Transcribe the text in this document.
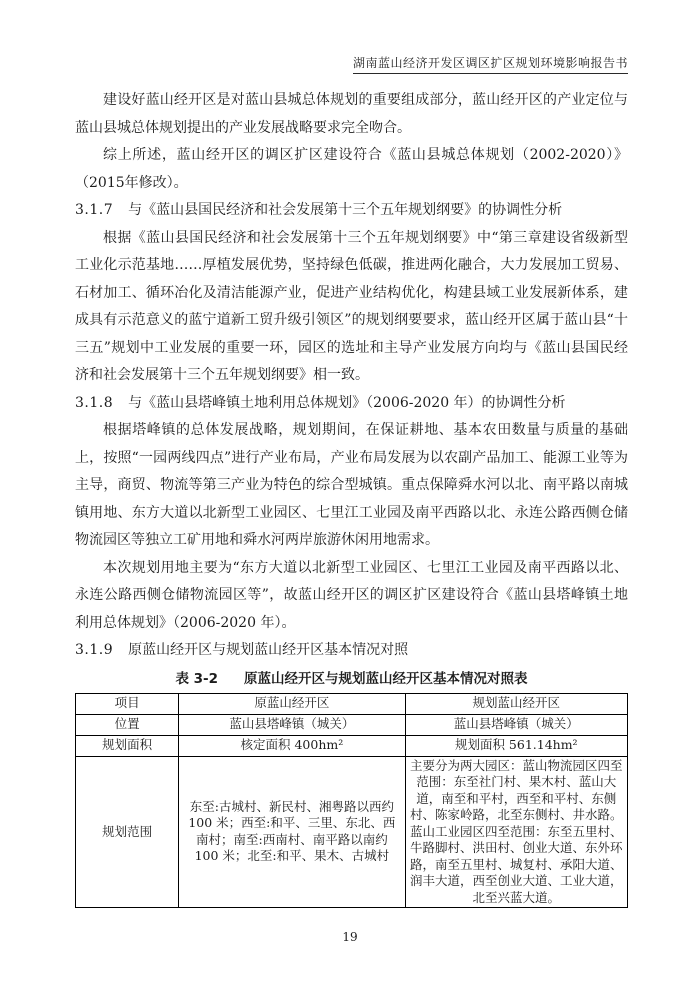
湖南蓝山经济开发区调区扩区规划环境影响报告书

建设好蓝山经开区是对蓝山县城总体规划的重要组成部分，蓝山经开区的产业定位与蓝山县城总体规划提出的产业发展战略要求完全吻合。

综上所述，蓝山经开区的调区扩区建设符合《蓝山县城总体规划（2002-2020）》（2015年修改）。

3.1.7 与《蓝山县国民经济和社会发展第十三个五年规划纲要》的协调性分析

根据《蓝山县国民经济和社会发展第十三个五年规划纲要》中“第三章建设省级新型工业化示范基地……厚植发展优势，坚持绿色低碳，推进两化融合，大力发展加工贸易、石材加工、循环冶化及清洁能源产业，促进产业结构优化，构建县域工业发展新体系，建成具有示范意义的蓝宁道新工贸升级引领区”的规划纲要要求，蓝山经开区属于蓝山县“十三五”规划中工业发展的重要一环，园区的选址和主导产业发展方向均与《蓝山县国民经济和社会发展第十三个五年规划纲要》相一致。

3.1.8 与《蓝山县塔峰镇土地利用总体规划》（2006-2020 年）的协调性分析

根据塔峰镇的总体发展战略，规划期间，在保证耕地、基本农田数量与质量的基础上，按照“一园两线四点”进行产业布局，产业布局发展为以农副产品加工、能源工业等为主导，商贸、物流等第三产业为特色的综合型城镇。重点保障舜水河以北、南平路以南城镇用地、东方大道以北新型工业园区、七里江工业园及南平西路以北、永连公路西侧仓储物流园区等独立工矿用地和舜水河两岸旅游休闲用地需求。

本次规划用地主要为“东方大道以北新型工业园区、七里江工业园及南平西路以北、永连公路西侧仓储物流园区等”，故蓝山经开区的调区扩区建设符合《蓝山县塔峰镇土地利用总体规划》（2006-2020 年）。

3.1.9 原蓝山经开区与规划蓝山经开区基本情况对照

表 3-2 原蓝山经开区与规划蓝山经开区基本情况对照表
项目	原蓝山经开区	规划蓝山经开区
位置	蓝山县塔峰镇（城关）	蓝山县塔峰镇（城关）
规划面积	核定面积 400hm²	规划面积 561.14hm²
规划范围	东至:古城村、新民村、湘粤路以西约 100 米；西至:和平、三里、东北、西南村；南至:西南村、南平路以南约 100 米；北至:和平、果木、古城村	主要分为两大园区：蓝山物流园区四至范围：东至社门村、果木村、蓝山大道，南至和平村，西至和平村、东侧村、陈家岭路，北至东侧村、井水路。蓝山工业园区四至范围：东至五里村、牛路脚村、洪田村、创业大道、东外环路，南至五里村、城复村、承阳大道、润丰大道，西至创业大道、工业大道，北至兴蓝大道。
19
